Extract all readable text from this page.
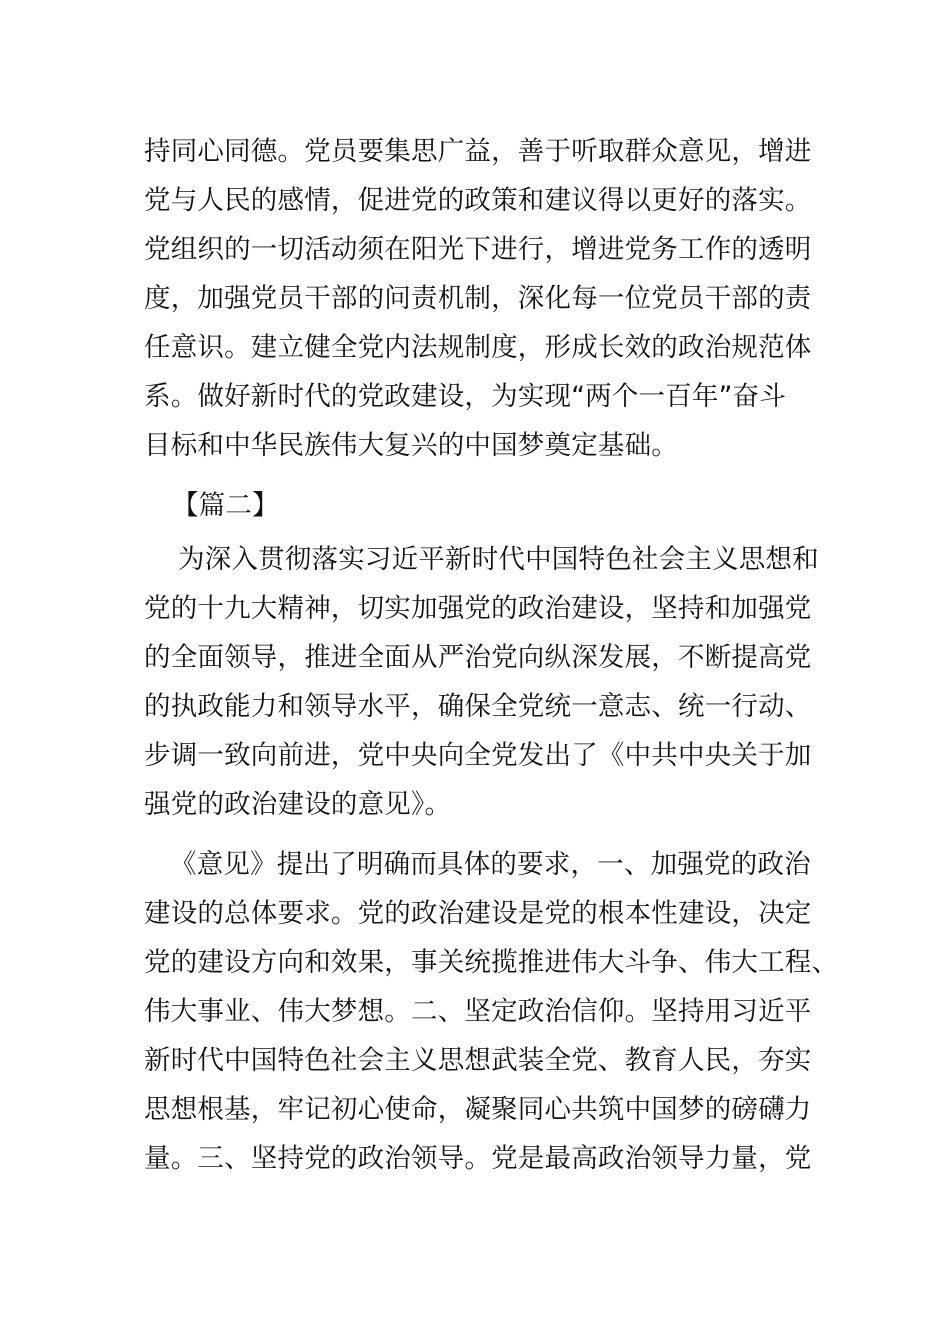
持同心同德。党员要集思广益，善于听取群众意见，增进
党与人民的感情，促进党的政策和建议得以更好的落实。
党组织的一切活动须在阳光下进行，增进党务工作的透明
度，加强党员干部的问责机制，深化每一位党员干部的责
任意识。建立健全党内法规制度，形成长效的政治规范体
系。做好新时代的党政建设，为实现“两个一百年”奋斗
目标和中华民族伟大复兴的中国梦奠定基础。
【篇二】
为深入贯彻落实习近平新时代中国特色社会主义思想和
党的十九大精神，切实加强党的政治建设，坚持和加强党
的全面领导，推进全面从严治党向纵深发展，不断提高党
的执政能力和领导水平，确保全党统一意志、统一行动、
步调一致向前进，党中央向全党发出了《中共中央关于加
强党的政治建设的意见》。
《意见》提出了明确而具体的要求，一、加强党的政治
建设的总体要求。党的政治建设是党的根本性建设，决定
党的建设方向和效果，事关统揽推进伟大斗争、伟大工程、
伟大事业、伟大梦想。二、坚定政治信仰。坚持用习近平
新时代中国特色社会主义思想武装全党、教育人民，夯实
思想根基，牢记初心使命，凝聚同心共筑中国梦的磅礴力
量。三、坚持党的政治领导。党是最高政治领导力量，党
